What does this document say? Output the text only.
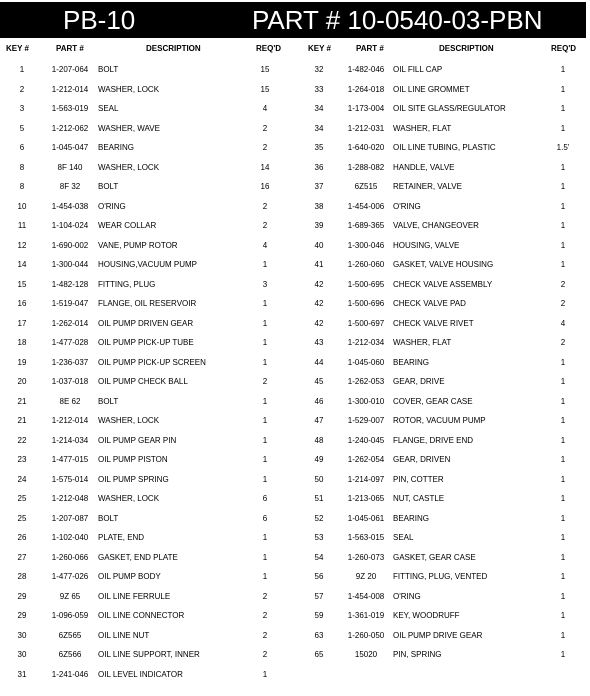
PB-10	PART # 10-0540-03-PBN
KEY #	PART #	DESCRIPTION	REQ'D	KEY #	PART #	DESCRIPTION	REQ'D
1	1-207-064	BOLT	15
2	1-212-014	WASHER, LOCK	15
3	1-563-019	SEAL	4
5	1-212-062	WASHER, WAVE	2
6	1-045-047	BEARING	2
8	8F 140	WASHER, LOCK	14
8	8F 32	BOLT	16
10	1-454-038	O'RING	2
11	1-104-024	WEAR COLLAR	2
12	1-690-002	VANE, PUMP ROTOR	4
14	1-300-044	HOUSING,VACUUM PUMP	1
15	1-482-128	FITTING, PLUG	3
16	1-519-047	FLANGE, OIL RESERVOIR	1
17	1-262-014	OIL PUMP DRIVEN GEAR	1
18	1-477-028	OIL PUMP PICK-UP TUBE	1
19	1-236-037	OIL PUMP PICK-UP SCREEN	1
20	1-037-018	OIL PUMP CHECK BALL	2
21	8E 62	BOLT	1
21	1-212-014	WASHER, LOCK	1
22	1-214-034	OIL PUMP GEAR PIN	1
23	1-477-015	OIL PUMP PISTON	1
24	1-575-014	OIL PUMP SPRING	1
25	1-212-048	WASHER, LOCK	6
25	1-207-087	BOLT	6
26	1-102-040	PLATE, END	1
27	1-260-066	GASKET, END PLATE	1
28	1-477-026	OIL PUMP BODY	1
29	9Z 65	OIL LINE FERRULE	2
29	1-096-059	OIL LINE CONNECTOR	2
30	6Z565	OIL LINE NUT	2
30	6Z566	OIL LINE SUPPORT, INNER	2
31	1-241-046	OIL LEVEL INDICATOR	1
32	1-482-046	OIL FILL CAP	1
33	1-264-018	OIL LINE GROMMET	1
34	1-173-004	OIL SITE GLASS/REGULATOR	1
34	1-212-031	WASHER, FLAT	1
35	1-640-020	OIL LINE TUBING, PLASTIC	1.5'
36	1-288-082	HANDLE, VALVE	1
37	6Z515	RETAINER, VALVE	1
38	1-454-006	O'RING	1
39	1-689-365	VALVE, CHANGEOVER	1
40	1-300-046	HOUSING, VALVE	1
41	1-260-060	GASKET, VALVE HOUSING	1
42	1-500-695	CHECK VALVE ASSEMBLY	2
42	1-500-696	CHECK VALVE PAD	2
42	1-500-697	CHECK VALVE RIVET	4
43	1-212-034	WASHER, FLAT	2
44	1-045-060	BEARING	1
45	1-262-053	GEAR, DRIVE	1
46	1-300-010	COVER, GEAR CASE	1
47	1-529-007	ROTOR, VACUUM PUMP	1
48	1-240-045	FLANGE, DRIVE END	1
49	1-262-054	GEAR, DRIVEN	1
50	1-214-097	PIN, COTTER	1
51	1-213-065	NUT, CASTLE	1
52	1-045-061	BEARING	1
53	1-563-015	SEAL	1
54	1-260-073	GASKET, GEAR CASE	1
56	9Z 20	FITTING, PLUG, VENTED	1
57	1-454-008	O'RING	1
59	1-361-019	KEY, WOODRUFF	1
63	1-260-050	OIL PUMP DRIVE GEAR	1
65	15020	PIN, SPRING	1
